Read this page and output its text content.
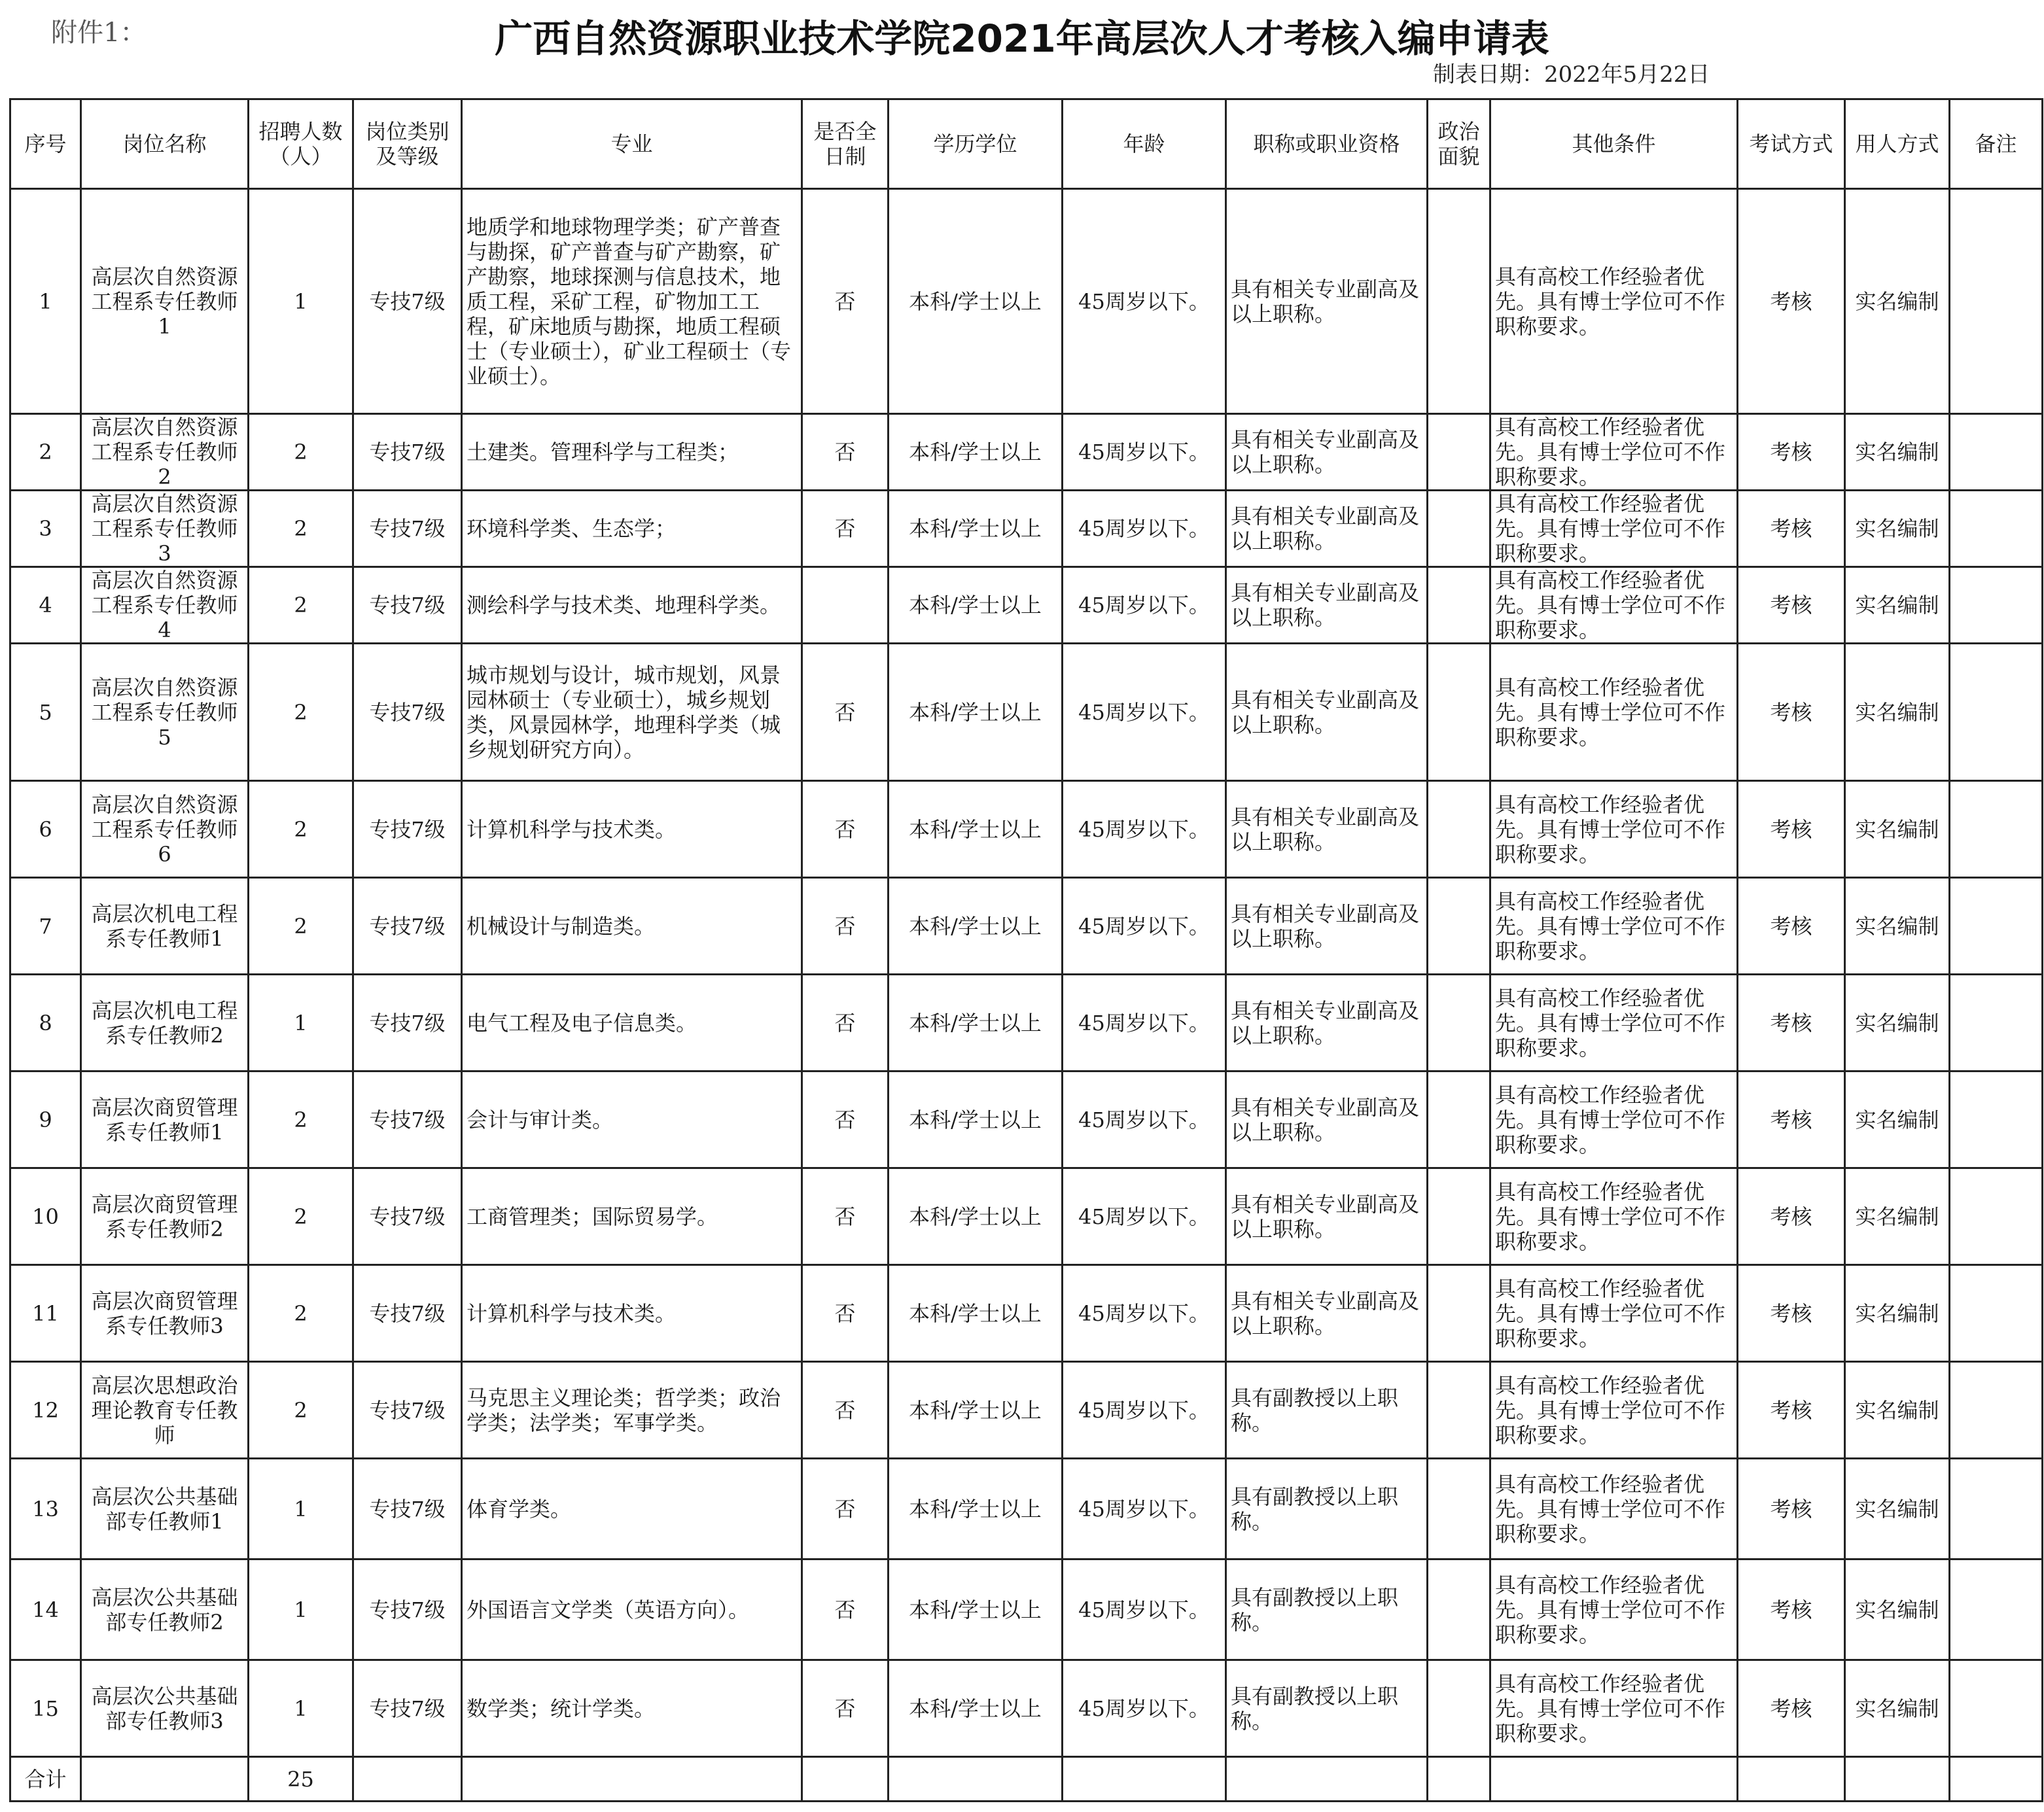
附件1：	广西自然资源职业技术学院2021年高层次人才考核入编申请表
制表日期：2022年5月22日
序号	岗位名称	招聘人数（人）	岗位类别及等级	专业	是否全日制	学历学位	年龄	职称或职业资格	政治面貌	其他条件	考试方式	用人方式	备注
1	高层次自然资源工程系专任教师1	1	专技7级	地质学和地球物理学类；矿产普查与勘探，矿产普查与矿产勘察，矿产勘察，地球探测与信息技术，地质工程，采矿工程，矿物加工工程，矿床地质与勘探，地质工程硕士（专业硕士），矿业工程硕士（专业硕士）。	否	本科/学士以上	45周岁以下。	具有相关专业副高及以上职称。		具有高校工作经验者优先。具有博士学位可不作职称要求。	考核	实名编制	
2	高层次自然资源工程系专任教师2	2	专技7级	土建类。管理科学与工程类；	否	本科/学士以上	45周岁以下。	具有相关专业副高及以上职称。		具有高校工作经验者优先。具有博士学位可不作职称要求。	考核	实名编制	
3	高层次自然资源工程系专任教师3	2	专技7级	环境科学类、生态学；	否	本科/学士以上	45周岁以下。	具有相关专业副高及以上职称。		具有高校工作经验者优先。具有博士学位可不作职称要求。	考核	实名编制	
4	高层次自然资源工程系专任教师4	2	专技7级	测绘科学与技术类、地理科学类。		本科/学士以上	45周岁以下。	具有相关专业副高及以上职称。		具有高校工作经验者优先。具有博士学位可不作职称要求。	考核	实名编制	
5	高层次自然资源工程系专任教师5	2	专技7级	城市规划与设计，城市规划，风景园林硕士（专业硕士），城乡规划类，风景园林学，地理科学类（城乡规划研究方向）。	否	本科/学士以上	45周岁以下。	具有相关专业副高及以上职称。		具有高校工作经验者优先。具有博士学位可不作职称要求。	考核	实名编制	
6	高层次自然资源工程系专任教师6	2	专技7级	计算机科学与技术类。	否	本科/学士以上	45周岁以下。	具有相关专业副高及以上职称。		具有高校工作经验者优先。具有博士学位可不作职称要求。	考核	实名编制	
7	高层次机电工程系专任教师1	2	专技7级	机械设计与制造类。	否	本科/学士以上	45周岁以下。	具有相关专业副高及以上职称。		具有高校工作经验者优先。具有博士学位可不作职称要求。	考核	实名编制	
8	高层次机电工程系专任教师2	1	专技7级	电气工程及电子信息类。	否	本科/学士以上	45周岁以下。	具有相关专业副高及以上职称。		具有高校工作经验者优先。具有博士学位可不作职称要求。	考核	实名编制	
9	高层次商贸管理系专任教师1	2	专技7级	会计与审计类。	否	本科/学士以上	45周岁以下。	具有相关专业副高及以上职称。		具有高校工作经验者优先。具有博士学位可不作职称要求。	考核	实名编制	
10	高层次商贸管理系专任教师2	2	专技7级	工商管理类；国际贸易学。	否	本科/学士以上	45周岁以下。	具有相关专业副高及以上职称。		具有高校工作经验者优先。具有博士学位可不作职称要求。	考核	实名编制	
11	高层次商贸管理系专任教师3	2	专技7级	计算机科学与技术类。	否	本科/学士以上	45周岁以下。	具有相关专业副高及以上职称。		具有高校工作经验者优先。具有博士学位可不作职称要求。	考核	实名编制	
12	高层次思想政治理论教育专任教师	2	专技7级	马克思主义理论类；哲学类；政治学类；法学类；军事学类。	否	本科/学士以上	45周岁以下。	具有副教授以上职称。		具有高校工作经验者优先。具有博士学位可不作职称要求。	考核	实名编制	
13	高层次公共基础部专任教师1	1	专技7级	体育学类。	否	本科/学士以上	45周岁以下。	具有副教授以上职称。		具有高校工作经验者优先。具有博士学位可不作职称要求。	考核	实名编制	
14	高层次公共基础部专任教师2	1	专技7级	外国语言文学类（英语方向）。	否	本科/学士以上	45周岁以下。	具有副教授以上职称。		具有高校工作经验者优先。具有博士学位可不作职称要求。	考核	实名编制	
15	高层次公共基础部专任教师3	1	专技7级	数学类；统计学类。	否	本科/学士以上	45周岁以下。	具有副教授以上职称。		具有高校工作经验者优先。具有博士学位可不作职称要求。	考核	实名编制	
合计		25											
